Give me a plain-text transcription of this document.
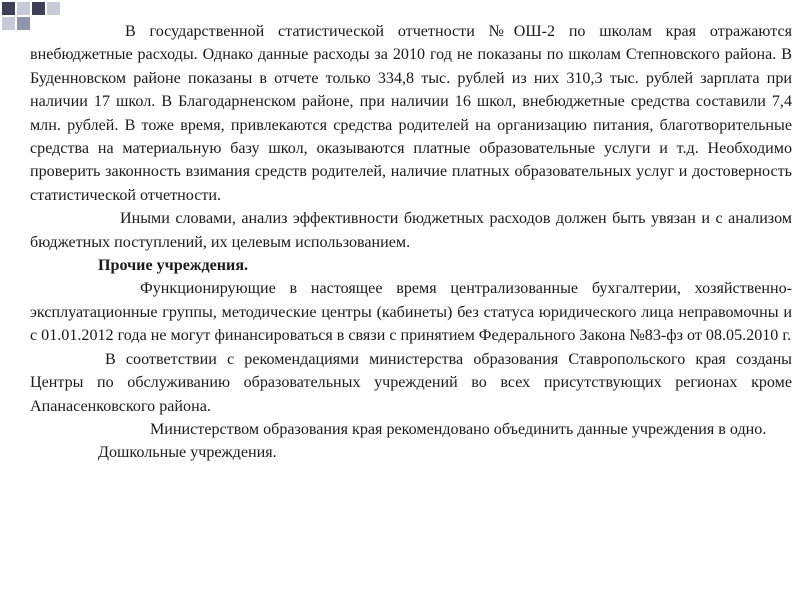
В государственной статистической отчетности №ОШ-2 по школам края отражаются внебюджетные расходы. Однако данные расходы за 2010 год не показаны по школам Степновского района. В Буденновском районе показаны в отчете только 334,8 тыс. рублей из них 310,3 тыс. рублей зарплата при наличии 17 школ. В Благодарненском районе, при наличии 16 школ, внебюджетные средства составили 7,4 млн. рублей. В тоже время, привлекаются средства родителей на организацию питания, благотворительные средства на материальную базу школ, оказываются платные образовательные услуги и т.д. Необходимо проверить законность взимания средств родителей, наличие платных образовательных услуг и достоверность статистической отчетности.

Иными словами, анализ эффективности бюджетных расходов должен быть увязан и с анализом бюджетных поступлений, их целевым использованием.

Прочие учреждения.

Функционирующие в настоящее время централизованные бухгалтерии, хозяйственно-эксплуатационные группы, методические центры (кабинеты) без статуса юридического лица неправомочны и с 01.01.2012 года не могут финансироваться в связи с принятием Федерального Закона №83-фз от 08.05.2010 г.

В соответствии с рекомендациями министерства образования Ставропольского края созданы Центры по обслуживанию образовательных учреждений во всех присутствующих регионах кроме Апанасенковского района.

Министерством образования края рекомендовано объединить данные учреждения в одно.

Дошкольные учреждения.
